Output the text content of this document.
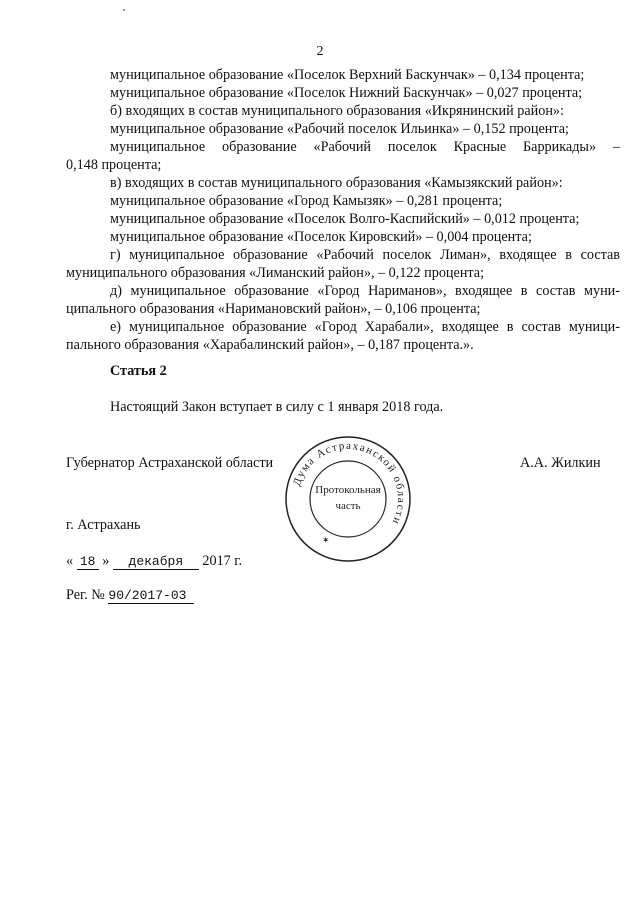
2
муниципальное образование «Поселок Верхний Баскунчак» – 0,134 процента;
муниципальное образование «Поселок Нижний Баскунчак» – 0,027 процента;
б) входящих в состав муниципального образования «Икрянинский район»:
муниципальное образование «Рабочий поселок Ильинка» – 0,152 процента;
муниципальное образование «Рабочий поселок Красные Баррикады» –
0,148 процента;
в) входящих в состав муниципального образования «Камызякский район»:
муниципальное образование «Город Камызяк» – 0,281 процента;
муниципальное образование «Поселок Волго-Каспийский» – 0,012 процента;
муниципальное образование «Поселок Кировский» – 0,004 процента;
г) муниципальное образование «Рабочий поселок Лиман», входящее в состав
муниципального образования «Лиманский район», – 0,122 процента;
д) муниципальное образование «Город Нариманов», входящее в состав муни-
ципального образования «Наримановский район», – 0,106 процента;
е) муниципальное образование «Город Харабали», входящее в состав муници-
пального образования «Харабалинский район», – 0,187 процента.».
Статья 2
Настоящий Закон вступает в силу с 1 января 2018 года.
Губернатор Астраханской области	А.А. Жилкин
Дума Астраханской области
Протокольная
часть
✶
г. Астрахань
« 18 » декабря 2017 г.
Рег. № 90/2017-03
